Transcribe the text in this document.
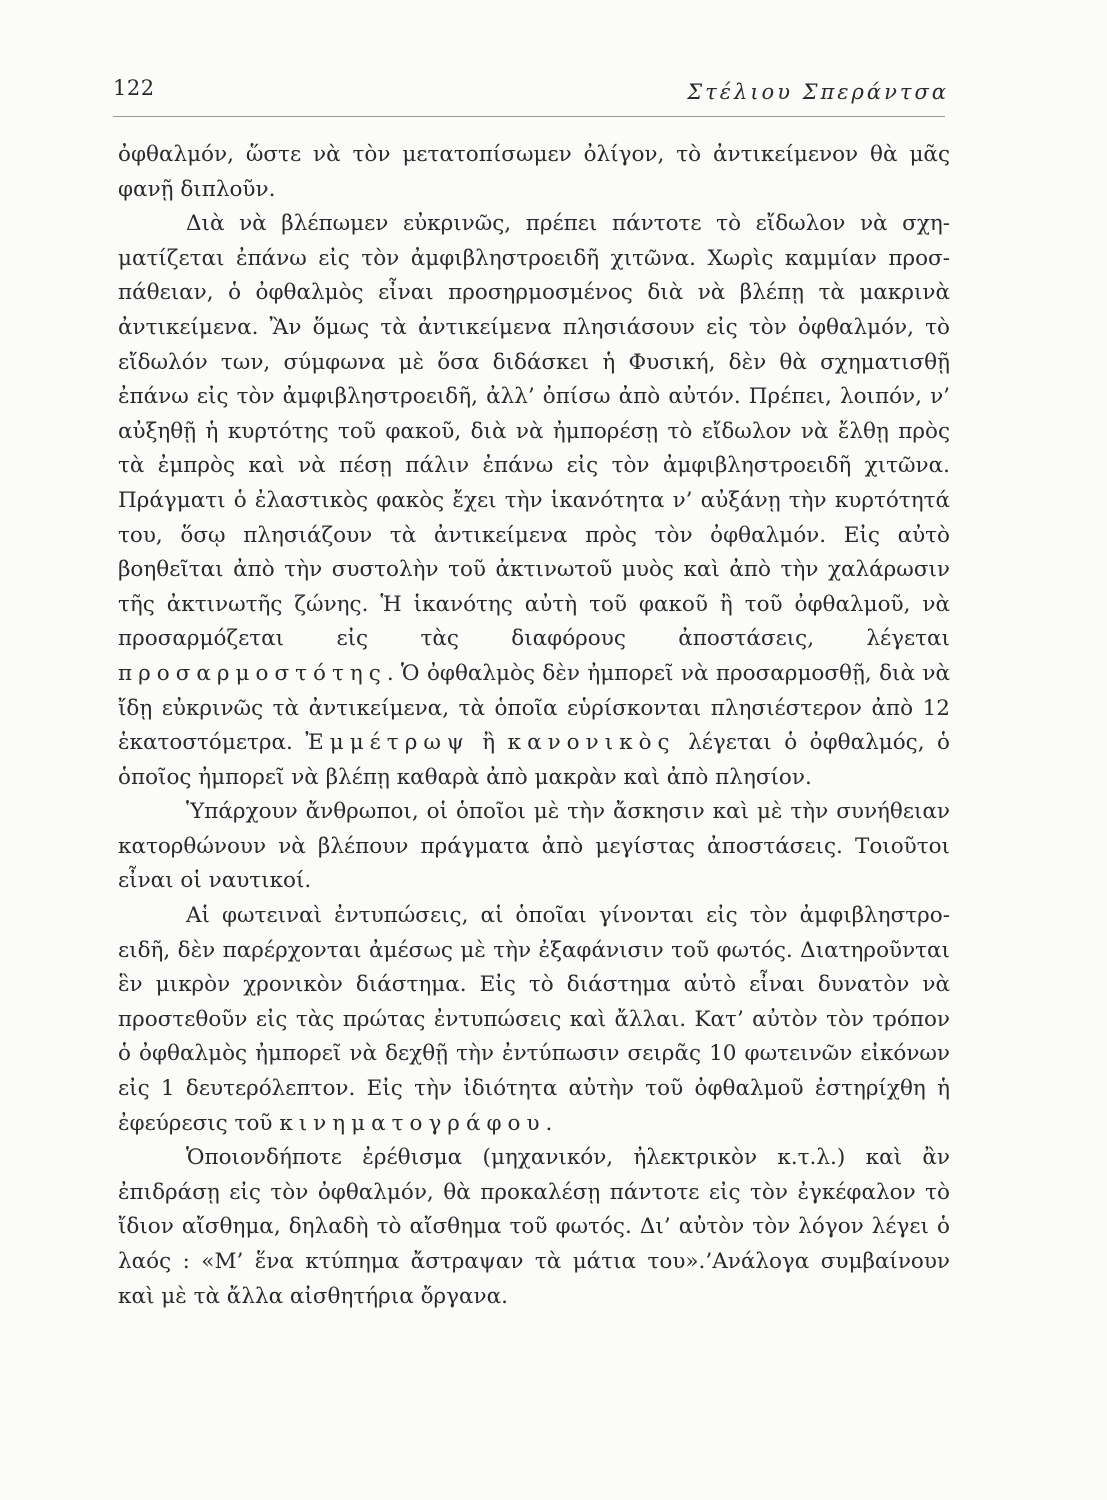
122	Στέλιου Σπεράντσα

ὀφθαλμόν, ὥστε νὰ τὸν μετατοπίσωμεν ὀλίγον, τὸ ἀντικείμενον θὰ μᾶς φανῇ διπλοῦν.

Διὰ νὰ βλέπωμεν εὐκρινῶς, πρέπει πάντοτε τὸ εἴδωλον νὰ σχηματίζεται ἐπάνω εἰς τὸν ἀμφιβληστροειδῆ χιτῶνα. Χωρὶς καμμίαν προσπάθειαν, ὁ ὀφθαλμὸς εἶναι προσηρμοσμένος διὰ νὰ βλέπῃ τὰ μακρινὰ ἀντικείμενα. Ἂν ὅμως τὰ ἀντικείμενα πλησιάσουν εἰς τὸν ὀφθαλμόν, τὸ εἴδωλόν των, σύμφωνα μὲ ὅσα διδάσκει ἡ Φυσική, δὲν θὰ σχηματισθῇ ἐπάνω εἰς τὸν ἀμφιβληστροειδῆ, ἀλλ’ ὀπίσω ἀπὸ αὐτόν. Πρέπει, λοιπόν, ν’ αὐξηθῇ ἡ κυρτότης τοῦ φακοῦ, διὰ νὰ ἠμπορέσῃ τὸ εἴδωλον νὰ ἔλθῃ πρὸς τὰ ἐμπρὸς καὶ νὰ πέσῃ πάλιν ἐπάνω εἰς τὸν ἀμφιβληστροειδῆ χιτῶνα. Πράγματι ὁ ἐλαστικὸς φακὸς ἔχει τὴν ἱκανότητα ν’ αὐξάνῃ τὴν κυρτότητά του, ὅσῳ πλησιάζουν τὰ ἀντικείμενα πρὸς τὸν ὀφθαλμόν. Εἰς αὐτὸ βοηθεῖται ἀπὸ τὴν συστολὴν τοῦ ἀκτινωτοῦ μυὸς καὶ ἀπὸ τὴν χαλάρωσιν τῆς ἀκτινωτῆς ζώνης. Ἡ ἱκανότης αὐτὴ τοῦ φακοῦ ἢ τοῦ ὀφθαλμοῦ, νὰ προσαρμόζεται εἰς τὰς διαφόρους ἀποστάσεις, λέγεται προσαρμοστότης. Ὁ ὀφθαλμὸς δὲν ἠμπορεῖ νὰ προσαρμοσθῇ, διὰ νὰ ἴδῃ εὐκρινῶς τὰ ἀντικείμενα, τὰ ὁποῖα εὑρίσκονται πλησιέστερον ἀπὸ 12 ἑκατοστόμετρα. Ἐμμέτρωψ ἢ κανονικὸς λέγεται ὁ ὀφθαλμός, ὁ ὁποῖος ἠμπορεῖ νὰ βλέπῃ καθαρὰ ἀπὸ μακρὰν καὶ ἀπὸ πλησίον.

Ὑπάρχουν ἄνθρωποι, οἱ ὁποῖοι μὲ τὴν ἄσκησιν καὶ μὲ τὴν συνήθειαν κατορθώνουν νὰ βλέπουν πράγματα ἀπὸ μεγίστας ἀποστάσεις. Τοιοῦτοι εἶναι οἱ ναυτικοί.

Αἱ φωτειναὶ ἐντυπώσεις, αἱ ὁποῖαι γίνονται εἰς τὸν ἀμφιβληστροειδῆ, δὲν παρέρχονται ἀμέσως μὲ τὴν ἐξαφάνισιν τοῦ φωτός. Διατηροῦνται ἓν μικρὸν χρονικὸν διάστημα. Εἰς τὸ διάστημα αὐτὸ εἶναι δυνατὸν νὰ προστεθοῦν εἰς τὰς πρώτας ἐντυπώσεις καὶ ἄλλαι. Κατ’ αὐτὸν τὸν τρόπον ὁ ὀφθαλμὸς ἠμπορεῖ νὰ δεχθῇ τὴν ἐντύπωσιν σειρᾶς 10 φωτεινῶν εἰκόνων εἰς 1 δευτερόλεπτον. Εἰς τὴν ἰδιότητα αὐτὴν τοῦ ὀφθαλμοῦ ἐστηρίχθη ἡ ἐφεύρεσις τοῦ κινηματογράφου.

Ὁποιονδήποτε ἐρέθισμα (μηχανικόν, ἠλεκτρικὸν κ.τ.λ.) καὶ ἂν ἐπιδράσῃ εἰς τὸν ὀφθαλμόν, θὰ προκαλέσῃ πάντοτε εἰς τὸν ἐγκέφαλον τὸ ἴδιον αἴσθημα, δηλαδὴ τὸ αἴσθημα τοῦ φωτός. Δι’ αὐτὸν τὸν λόγον λέγει ὁ λαός : «Μ’ ἕνα κτύπημα ἄστραψαν τὰ μάτια του».’Ανάλογα συμβαίνουν καὶ μὲ τὰ ἄλλα αἰσθητήρια ὄργανα.
